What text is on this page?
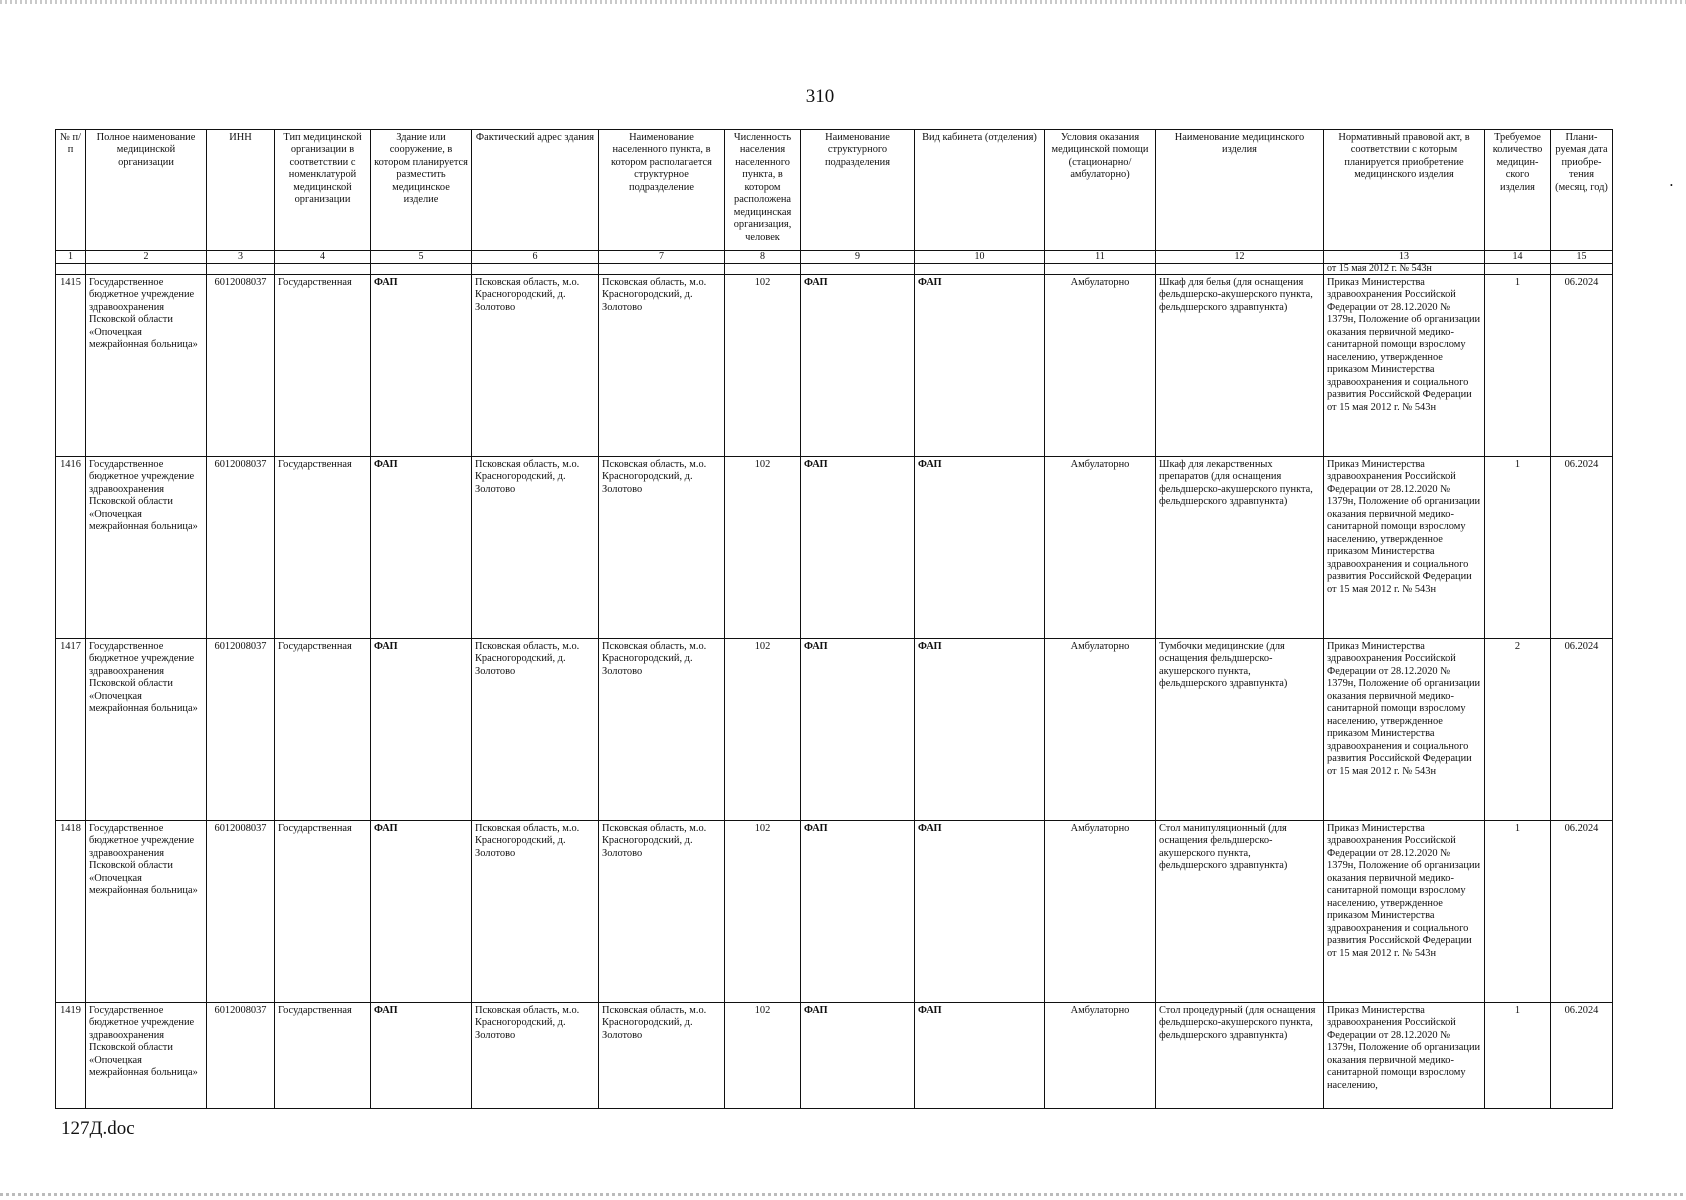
310
•
№ п/п	Полное наименование медицинской организации	ИНН	Тип медицинской организации в соответствии с номенклатурой медицинской организации	Здание или сооружение, в котором планируется разместить медицинское изделие	Фактический адрес здания	Наименование населенного пункта, в котором располагается структурное подразделение	Численность населения населенного пункта, в котором расположена медицинская организация, человек	Наименование структурного подразделения	Вид кабинета (отделения)	Условия оказания медицинской помощи (стационарно/ амбулаторно)	Наименование медицинского изделия	Нормативный правовой акт, в соответствии с которым планируется приобретение медицинского изделия	Требуемое количество медицин-ского изделия	Плани-руемая дата приобре-тения (месяц, год)
1	2	3	4	5	6	7	8	9	10	11	12	13	14	15
												от 15 мая 2012 г. № 543н		
1415	Государственное бюджетное учреждение здравоохранения Псковской области «Опочецкая межрайонная больница»	6012008037	Государственная	ФАП	Псковская область, м.о. Красногородский, д. Золотово	Псковская область, м.о. Красногородский, д. Золотово	102	ФАП	ФАП	Амбулаторно	Шкаф для белья (для оснащения фельдшерско-акушерского пункта, фельдшерского здравпункта)	Приказ Министерства здравоохранения Российской Федерации от 28.12.2020 № 1379н, Положение об организации оказания первичной медико-санитарной помощи взрослому населению, утвержденное приказом Министерства здравоохранения и социального развития Российской Федерации от 15 мая 2012 г. № 543н	1	06.2024
1416	Государственное бюджетное учреждение здравоохранения Псковской области «Опочецкая межрайонная больница»	6012008037	Государственная	ФАП	Псковская область, м.о. Красногородский, д. Золотово	Псковская область, м.о. Красногородский, д. Золотово	102	ФАП	ФАП	Амбулаторно	Шкаф для лекарственных препаратов (для оснащения фельдшерско-акушерского пункта, фельдшерского здравпункта)	Приказ Министерства здравоохранения Российской Федерации от 28.12.2020 № 1379н, Положение об организации оказания первичной медико-санитарной помощи взрослому населению, утвержденное приказом Министерства здравоохранения и социального развития Российской Федерации от 15 мая 2012 г. № 543н	1	06.2024
1417	Государственное бюджетное учреждение здравоохранения Псковской области «Опочецкая межрайонная больница»	6012008037	Государственная	ФАП	Псковская область, м.о. Красногородский, д. Золотово	Псковская область, м.о. Красногородский, д. Золотово	102	ФАП	ФАП	Амбулаторно	Тумбочки медицинские (для оснащения фельдшерско-акушерского пункта, фельдшерского здравпункта)	Приказ Министерства здравоохранения Российской Федерации от 28.12.2020 № 1379н, Положение об организации оказания первичной медико-санитарной помощи взрослому населению, утвержденное приказом Министерства здравоохранения и социального развития Российской Федерации от 15 мая 2012 г. № 543н	2	06.2024
1418	Государственное бюджетное учреждение здравоохранения Псковской области «Опочецкая межрайонная больница»	6012008037	Государственная	ФАП	Псковская область, м.о. Красногородский, д. Золотово	Псковская область, м.о. Красногородский, д. Золотово	102	ФАП	ФАП	Амбулаторно	Стол манипуляционный (для оснащения фельдшерско-акушерского пункта, фельдшерского здравпункта)	Приказ Министерства здравоохранения Российской Федерации от 28.12.2020 № 1379н, Положение об организации оказания первичной медико-санитарной помощи взрослому населению, утвержденное приказом Министерства здравоохранения и социального развития Российской Федерации от 15 мая 2012 г. № 543н	1	06.2024
1419	Государственное бюджетное учреждение здравоохранения Псковской области «Опочецкая межрайонная больница»	6012008037	Государственная	ФАП	Псковская область, м.о. Красногородский, д. Золотово	Псковская область, м.о. Красногородский, д. Золотово	102	ФАП	ФАП	Амбулаторно	Стол процедурный (для оснащения фельдшерско-акушерского пункта, фельдшерского здравпункта)	Приказ Министерства здравоохранения Российской Федерации от 28.12.2020 № 1379н, Положение об организации оказания первичной медико-санитарной помощи взрослому населению,	1	06.2024
127Д.doc
